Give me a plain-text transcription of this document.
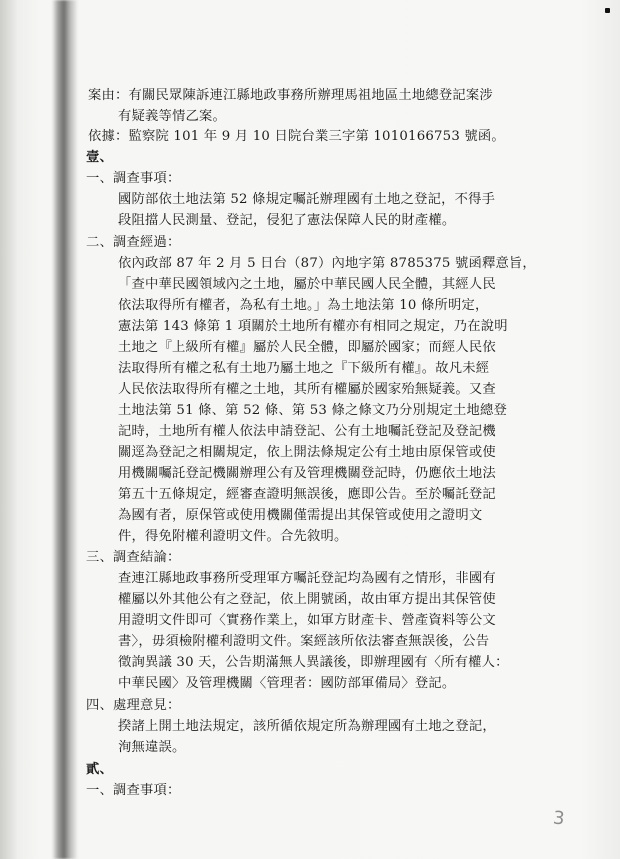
案由：有關民眾陳訴連江縣地政事務所辦理馬祖地區土地總登記案涉
有疑義等情乙案。
依據：監察院 101 年 9 月 10 日院台業三字第 1010166753 號函。
壹、
一、調查事項：
國防部依土地法第 52 條規定囑託辦理國有土地之登記，不得手
段阻擋人民測量、登記，侵犯了憲法保障人民的財產權。
二、調查經過：
依內政部 87 年 2 月 5 日台（87）內地字第 8785375 號函釋意旨，
「查中華民國領域內之土地，屬於中華民國人民全體，其經人民
依法取得所有權者，為私有土地。」為土地法第 10 條所明定，
憲法第 143 條第 1 項關於土地所有權亦有相同之規定，乃在說明
土地之『上級所有權』屬於人民全體，即屬於國家；而經人民依
法取得所有權之私有土地乃屬土地之『下級所有權』。故凡未經
人民依法取得所有權之土地，其所有權屬於國家殆無疑義。又查
土地法第 51 條、第 52 條、第 53 條之條文乃分別規定土地總登
記時，土地所有權人依法申請登記、公有土地囑託登記及登記機
關逕為登記之相關規定，依上開法條規定公有土地由原保管或使
用機關囑託登記機關辦理公有及管理機關登記時，仍應依土地法
第五十五條規定，經審查證明無誤後，應即公告。至於囑託登記
為國有者，原保管或使用機關僅需提出其保管或使用之證明文
件，得免附權利證明文件。合先敘明。
三、調查結論：
查連江縣地政事務所受理軍方囑託登記均為國有之情形，非國有
權屬以外其他公有之登記，依上開號函，故由軍方提出其保管使
用證明文件即可〈實務作業上，如軍方財產卡、營產資料等公文
書〉，毋須檢附權利證明文件。案經該所依法審查無誤後，公告
徵詢異議 30 天，公告期滿無人異議後，即辦理國有〈所有權人：
中華民國〉及管理機關〈管理者：國防部軍備局〉登記。
四、處理意見：
揆諸上開土地法規定，該所循依規定所為辦理國有土地之登記，
洵無違誤。
貳、
一、調查事項：
3
